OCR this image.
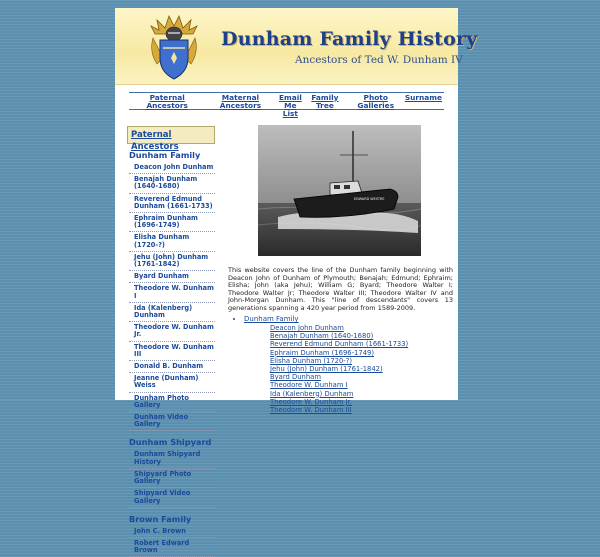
Dunham Family History
Ancestors of Ted W. Dunham IV
Paternal Ancestors
Maternal Ancestors
Email Me List
Family Tree
Photo Galleries
Surname
Paternal Ancestors
Dunham Family
Deacon John Dunham
Benajah Dunham (1640-1680)
Reverend Edmund Dunham (1661-1733)
Ephraim Dunham (1696-1749)
Elisha Dunham (1720-?)
Jehu (John) Dunham (1761-1842)
Byard Dunham
Theodore W. Dunham I
Ida (Kalenberg) Dunham
Theodore W. Dunham Jr.
Theodore W. Dunham III
Donald B. Dunham
Jeanne (Dunham) Weiss
Dunham Photo Gallery
Dunham Video Gallery
Dunham Shipyard
Dunham Shipyard History
Shipyard Photo Gallery
Shipyard Video Gallery
Brown Family
John C. Brown
Robert Edward Brown
EDWARD WESTRE
This website covers the line of the Dunham family beginning with Deacon John of Dunham of Plymouth; Benajah; Edmund; Ephraim; Elisha; John (aka Jehu); William G; Byard; Theodore Walter I; Theodore Walter Jr; Theodore Walter III; Theodore Walter IV and John-Morgan Dunham. This "line of descendants" covers 13 generations spanning a 420 year period from 1589-2009.
• Dunham Family
Deacon John Dunham
Benajah Dunham (1640-1680)
Reverend Edmund Dunham (1661-1733)
Ephraim Dunham (1696-1749)
Elisha Dunham (1720-?)
Jehu (John) Dunham (1761-1842)
Byard Dunham
Theodore W. Dunham I
Ida (Kalenberg) Dunham
Theodore W. Dunham Jr.
Theodore W. Dunham III
